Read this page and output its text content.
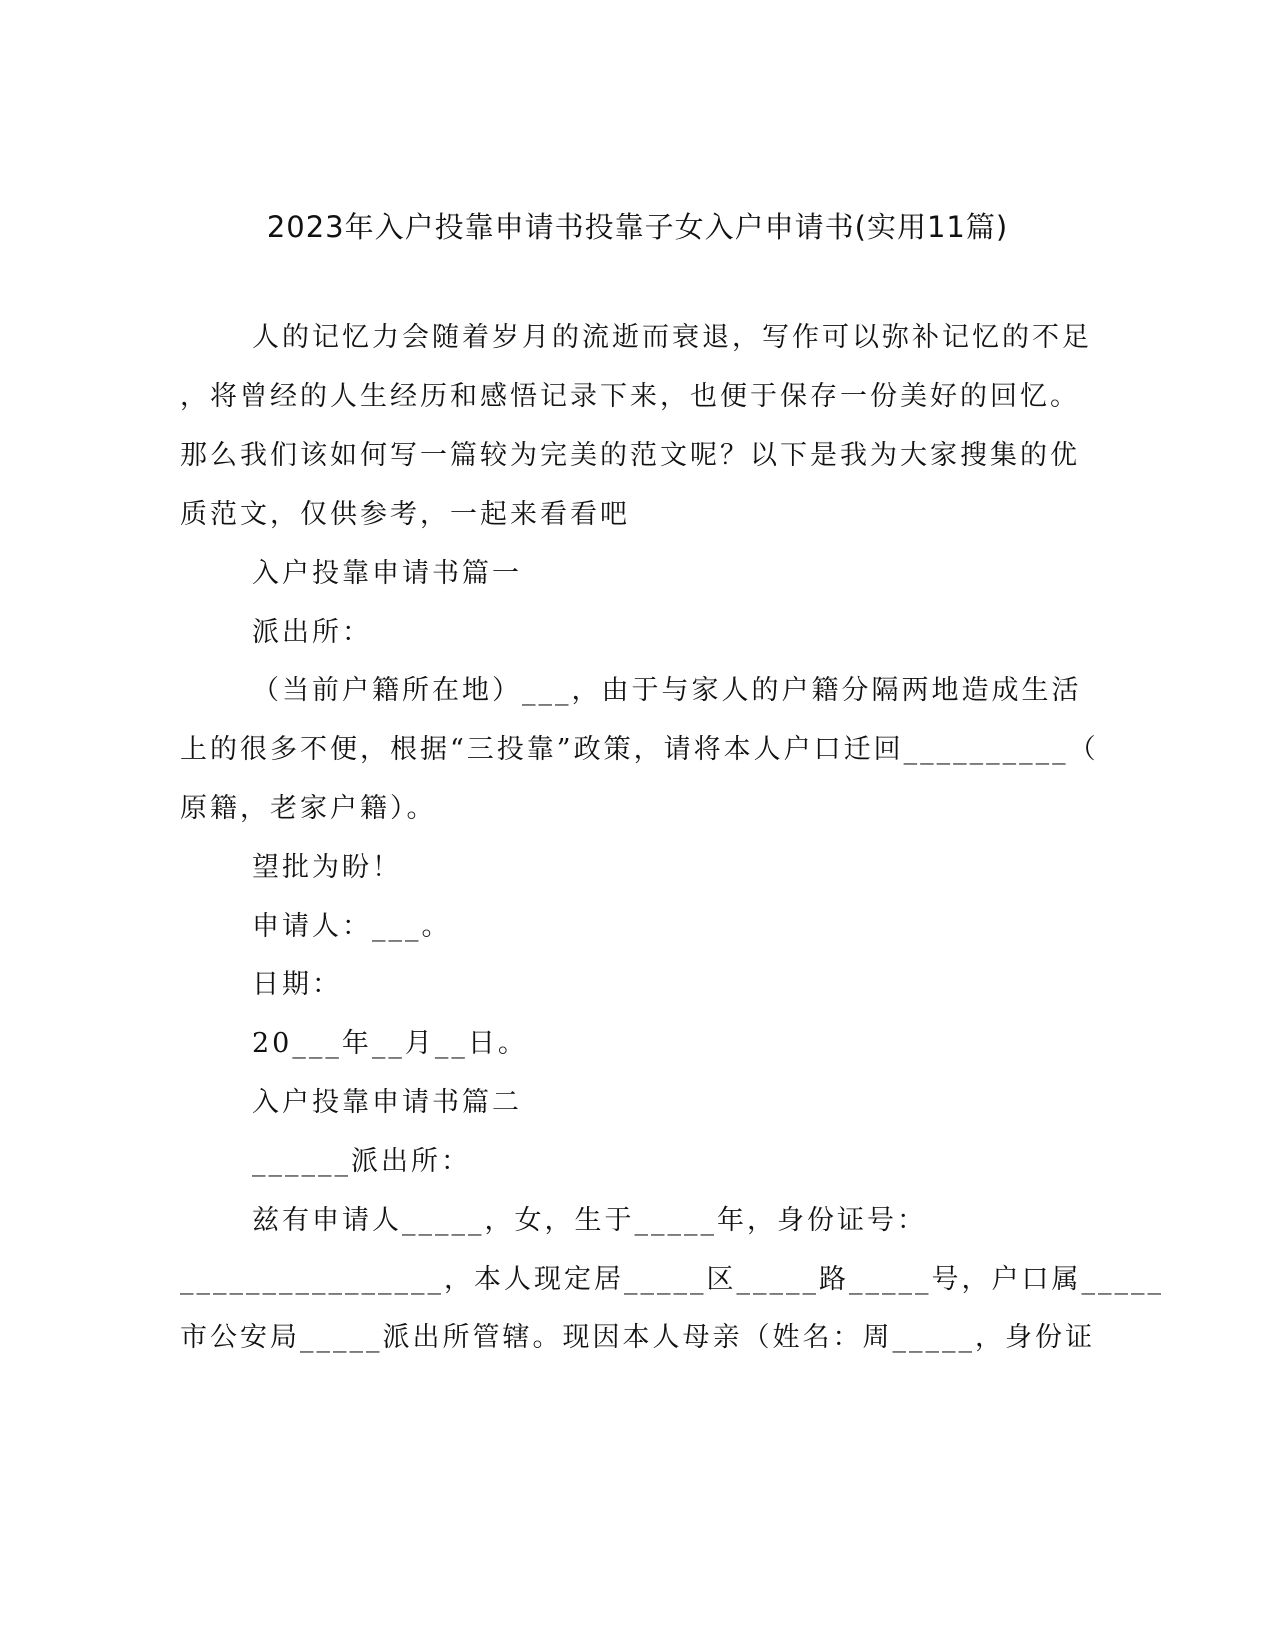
2023年入户投靠申请书投靠子女入户申请书(实用11篇)
人的记忆力会随着岁月的流逝而衰退，写作可以弥补记忆的不足
，将曾经的人生经历和感悟记录下来，也便于保存一份美好的回忆。
那么我们该如何写一篇较为完美的范文呢？以下是我为大家搜集的优
质范文，仅供参考，一起来看看吧
入户投靠申请书篇一
派出所：
（当前户籍所在地）___，由于与家人的户籍分隔两地造成生活
上的很多不便，根据“三投靠”政策，请将本人户口迁回__________（
原籍，老家户籍）。
望批为盼！
申请人：___。
日期：
20___年__月__日。
入户投靠申请书篇二
______派出所：
兹有申请人_____，女，生于_____年，身份证号：
________________，本人现定居_____区_____路_____号，户口属_____
市公安局_____派出所管辖。现因本人母亲（姓名：周_____，身份证
